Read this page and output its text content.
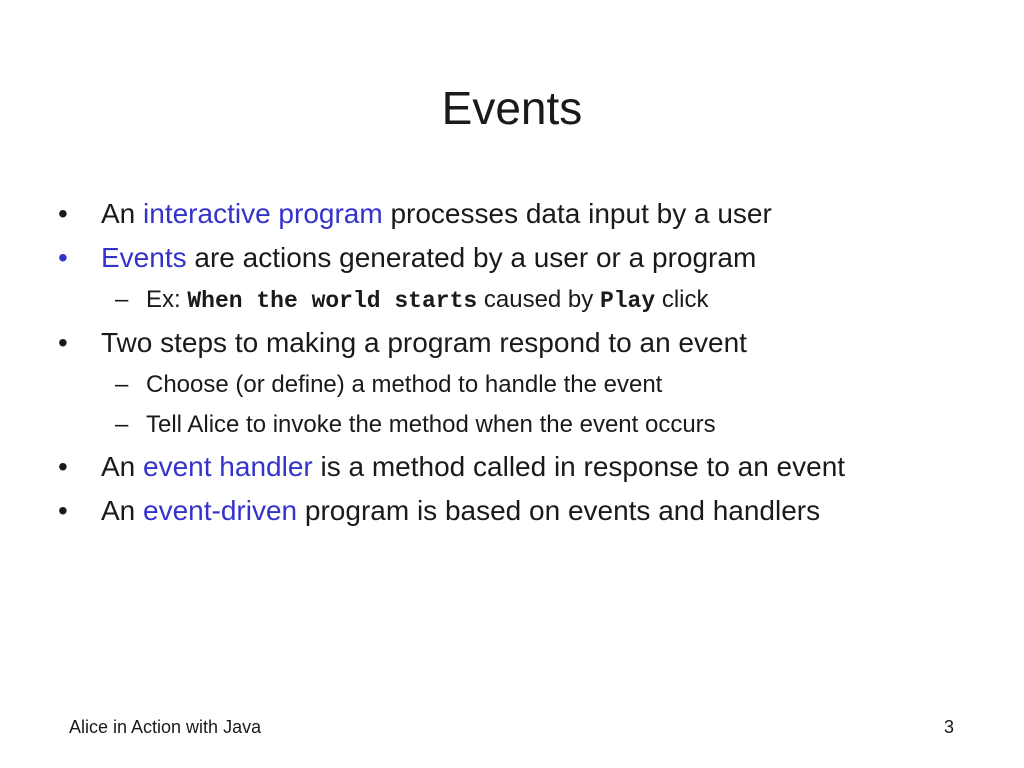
Events
•	An interactive program processes data input by a user
•	Events are actions generated by a user or a program
– Ex: When the world starts caused by Play click
•	Two steps to making a program respond to an event
– Choose (or define) a method to handle the event
– Tell Alice to invoke the method when the event occurs
•	An event handler is a method called in response to an event
•	An event-driven program is based on events and handlers
Alice in Action with Java	3
